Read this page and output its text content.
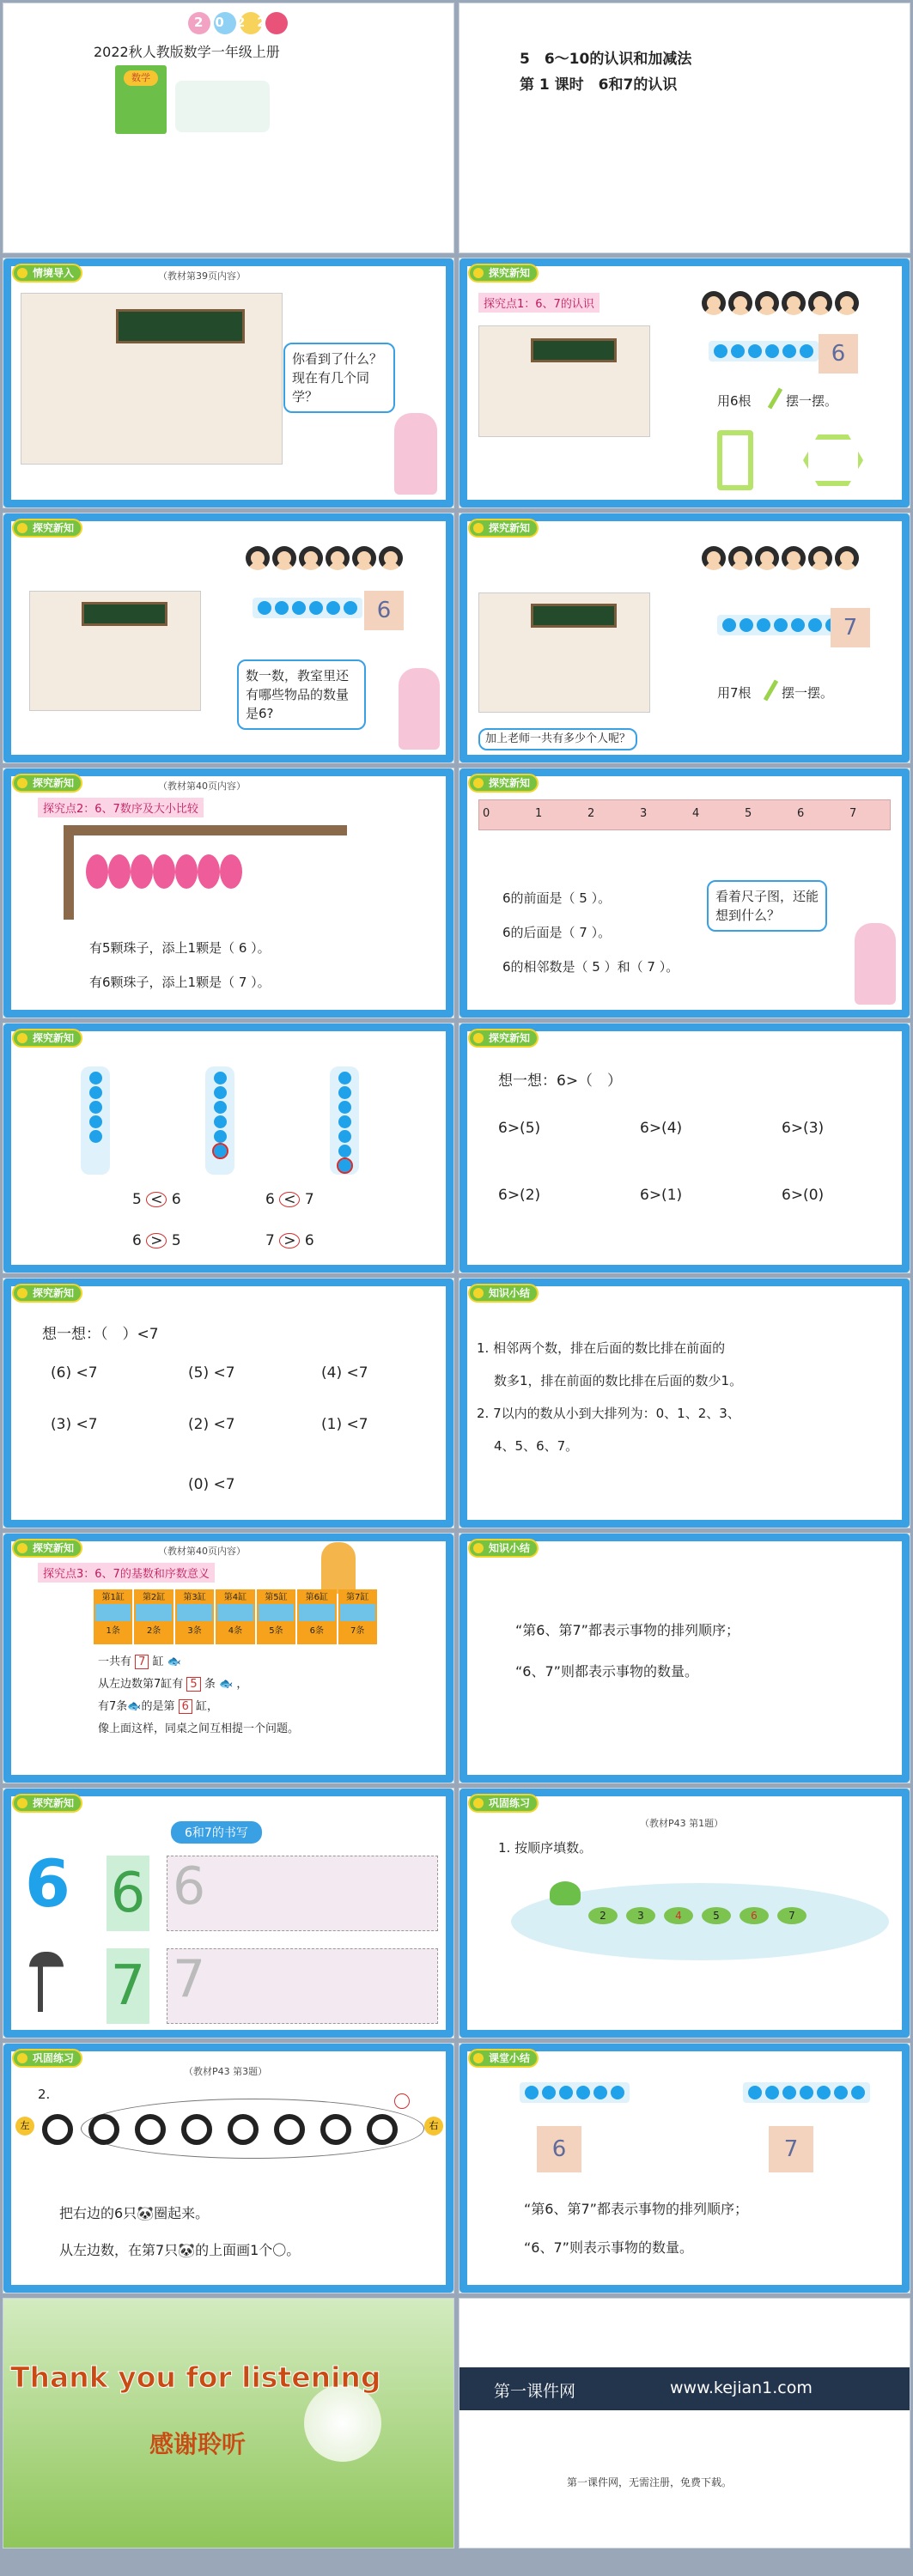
2022
2022秋人教版数学一年级上册
数学
5　6～10的认识和加减法
第 1 课时　6和7的认识
情境导入	（教材第39页内容）
你看到了什么？现在有几个同学？
探究新知
探究点1：6、7的认识
6
用6根	摆一摆。
探究新知
6
数一数，教室里还有哪些物品的数量是6?
探究新知
7
用7根 摆一摆。
加上老师一共有多少个人呢？
探究新知	（教材第40页内容）
探究点2：6、7数序及大小比较
有5颗珠子，添上1颗是（ 6 ）。
有6颗珠子，添上1颗是（ 7 ）。
探究新知
0	1	2	3	4	5	6	7
6的前面是（ 5 ）。
6的后面是（ 7 ）。
6的相邻数是（ 5 ）和（ 7 ）。
看着尺子图，还能想到什么？
探究新知
5 < 6	6 < 7
6 > 5	7 > 6
探究新知
想一想：6>（　）
6>(5)	6>(4)	6>(3)
6>(2)	6>(1)	6>(0)
探究新知
想一想：（　）<7
(6) <7	(5) <7	(4) <7
(3) <7	(2) <7	(1) <7
(0) <7
知识小结
1. 相邻两个数，排在后面的数比排在前面的
数多1，排在前面的数比排在后面的数少1。
2. 7以内的数从小到大排列为：0、1、2、3、
4、5、6、7。
探究新知	（教材第40页内容）
探究点3：6、7的基数和序数意义
第1缸
1条
第2缸
2条
第3缸
3条
第4缸
4条
第5缸
5条
第6缸
6条
第7缸
7条
一共有 7 缸 🐟
从左边数第7缸有 5 条 🐟 ，
有7条🐟的是第 6 缸，
像上面这样，同桌之间互相提一个问题。
知识小结
“第6、第7”都表示事物的排列顺序；
“6、7”则都表示事物的数量。
探究新知
6和7的书写
6 6 6
7 7
巩固练习
（教材P43 第1题）
1. 按顺序填数。
2	3	4	5	6	7
巩固练习
（教材P43 第3题）
2.
左	右
把右边的6只🐼圈起来。
从左边数，在第7只🐼的上面画1个〇。
课堂小结
6	7
“第6、第7”都表示事物的排列顺序；
“6、7”则表示事物的数量。
Thank you for listening
感谢聆听
第一课件网	www.kejian1.com
第一课件网，无需注册，免费下载。
